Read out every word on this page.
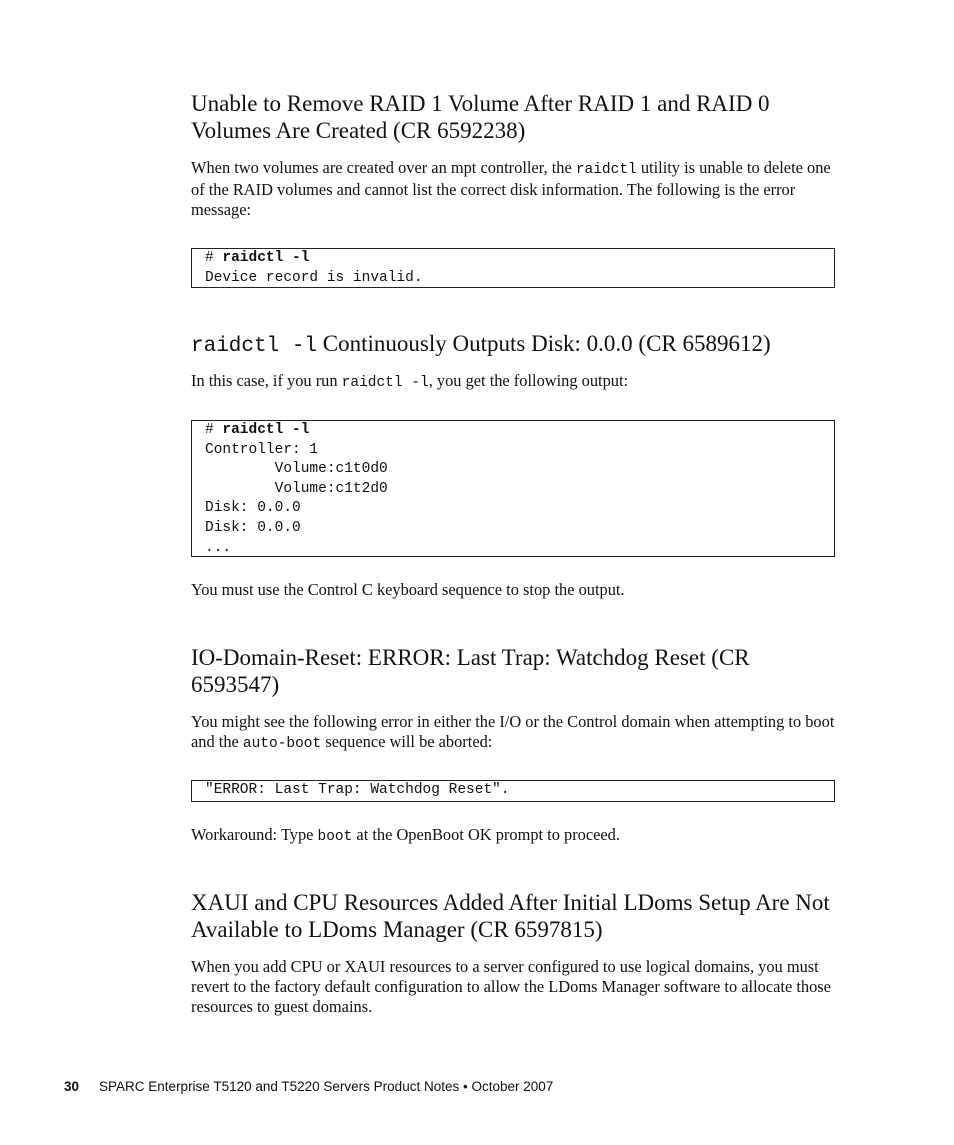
Unable to Remove RAID 1 Volume After RAID 1 and RAID 0 Volumes Are Created (CR 6592238)

When two volumes are created over an mpt controller, the raidctl utility is unable to delete one of the RAID volumes and cannot list the correct disk information. The following is the error message:

# raidctl -l
Device record is invalid.
raidctl -l Continuously Outputs Disk: 0.0.0 (CR 6589612)

In this case, if you run raidctl -l, you get the following output:

# raidctl -l
Controller: 1
Volume:c1t0d0
Volume:c1t2d0
Disk: 0.0.0
Disk: 0.0.0
...

You must use the Control C keyboard sequence to stop the output.

IO-Domain-Reset: ERROR: Last Trap: Watchdog Reset (CR 6593547)

You might see the following error in either the I/O or the Control domain when attempting to boot and the auto-boot sequence will be aborted:

"ERROR: Last Trap: Watchdog Reset".

Workaround: Type boot at the OpenBoot OK prompt to proceed.

XAUI and CPU Resources Added After Initial LDoms Setup Are Not Available to LDoms Manager (CR 6597815)

When you add CPU or XAUI resources to a server configured to use logical domains, you must revert to the factory default configuration to allow the LDoms Manager software to allocate those resources to guest domains.

30 SPARC Enterprise T5120 and T5220 Servers Product Notes • October 2007
